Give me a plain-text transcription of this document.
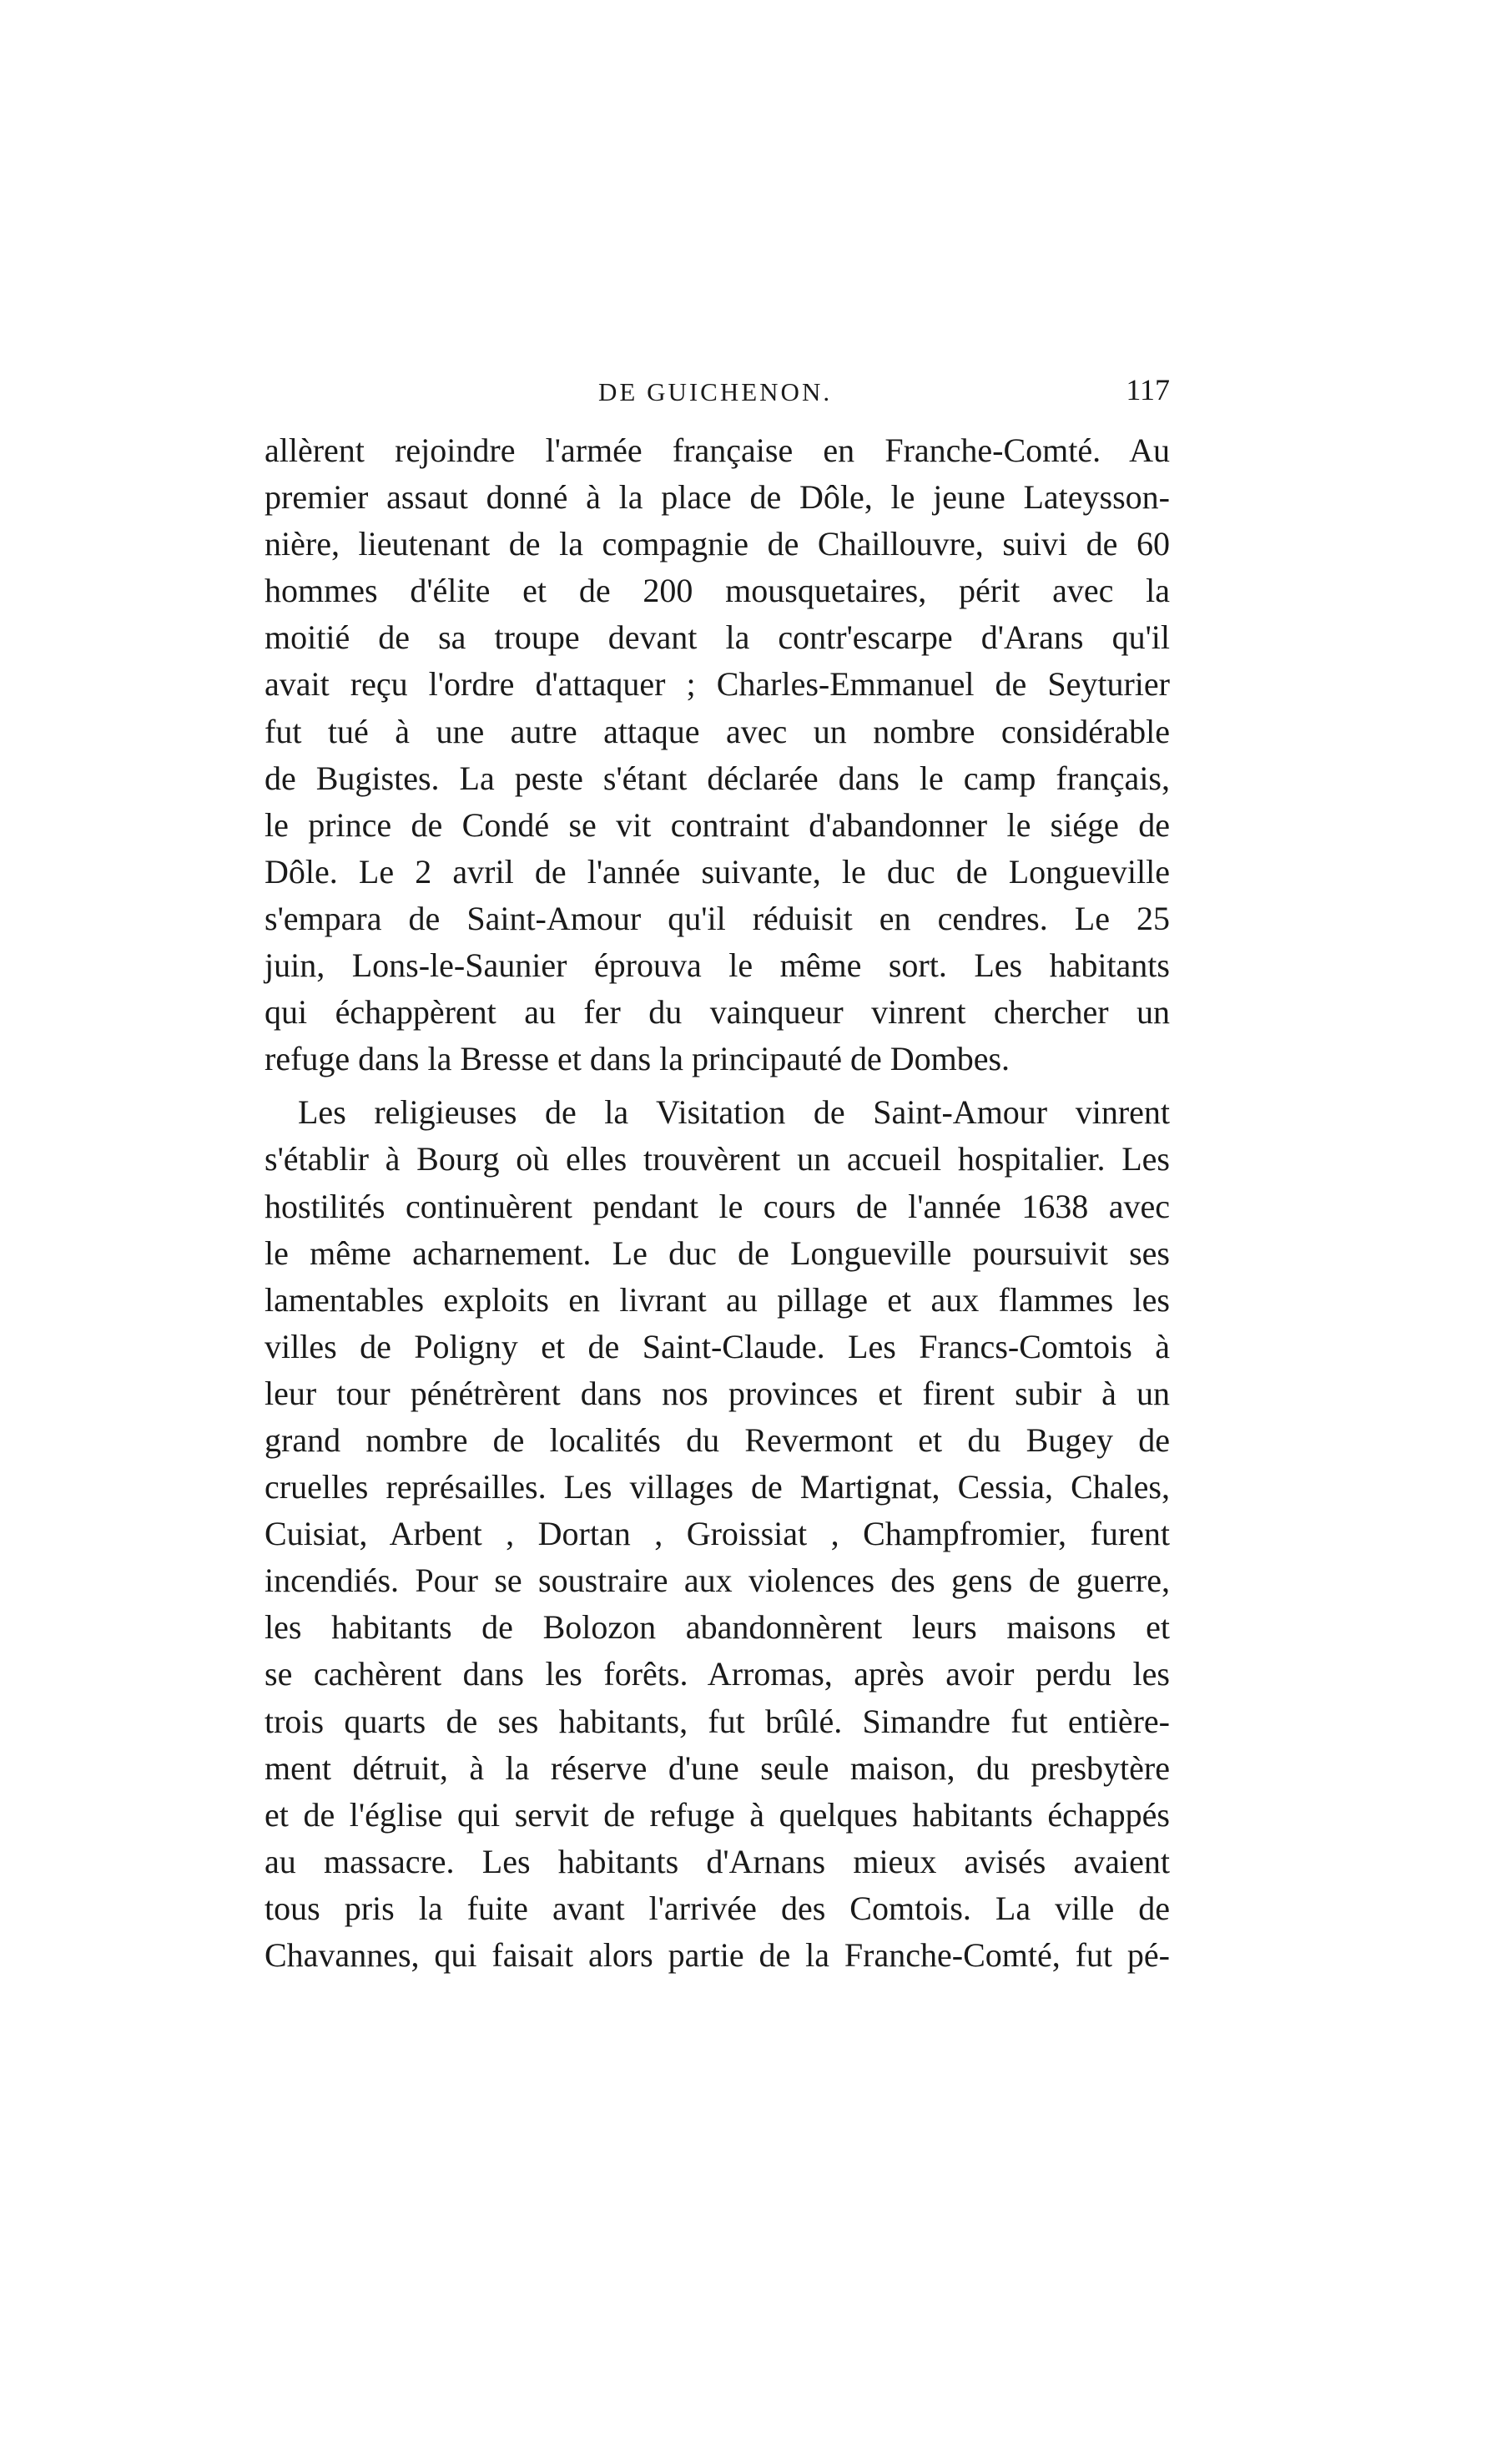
DE GUICHENON.	117
allèrent rejoindre l'armée française en Franche-Comté. Au
premier assaut donné à la place de Dôle, le jeune Lateysson-
nière, lieutenant de la compagnie de Chaillouvre, suivi de 60
hommes d'élite et de 200 mousquetaires, périt avec la
moitié de sa troupe devant la contr'escarpe d'Arans qu'il
avait reçu l'ordre d'attaquer ; Charles-Emmanuel de Seyturier
fut tué à une autre attaque avec un nombre considérable
de Bugistes. La peste s'étant déclarée dans le camp français,
le prince de Condé se vit contraint d'abandonner le siége de
Dôle. Le 2 avril de l'année suivante, le duc de Longueville
s'empara de Saint-Amour qu'il réduisit en cendres. Le 25
juin, Lons-le-Saunier éprouva le même sort. Les habitants
qui échappèrent au fer du vainqueur vinrent chercher un
refuge dans la Bresse et dans la principauté de Dombes.
Les religieuses de la Visitation de Saint-Amour vinrent
s'établir à Bourg où elles trouvèrent un accueil hospitalier. Les
hostilités continuèrent pendant le cours de l'année 1638 avec
le même acharnement. Le duc de Longueville poursuivit ses
lamentables exploits en livrant au pillage et aux flammes les
villes de Poligny et de Saint-Claude. Les Francs-Comtois à
leur tour pénétrèrent dans nos provinces et firent subir à un
grand nombre de localités du Revermont et du Bugey de
cruelles représailles. Les villages de Martignat, Cessia, Chales,
Cuisiat, Arbent , Dortan , Groissiat , Champfromier, furent
incendiés. Pour se soustraire aux violences des gens de guerre,
les habitants de Bolozon abandonnèrent leurs maisons et
se cachèrent dans les forêts. Arromas, après avoir perdu les
trois quarts de ses habitants, fut brûlé. Simandre fut entière-
ment détruit, à la réserve d'une seule maison, du presbytère
et de l'église qui servit de refuge à quelques habitants échappés
au massacre. Les habitants d'Arnans mieux avisés avaient
tous pris la fuite avant l'arrivée des Comtois. La ville de
Chavannes, qui faisait alors partie de la Franche-Comté, fut pé-
